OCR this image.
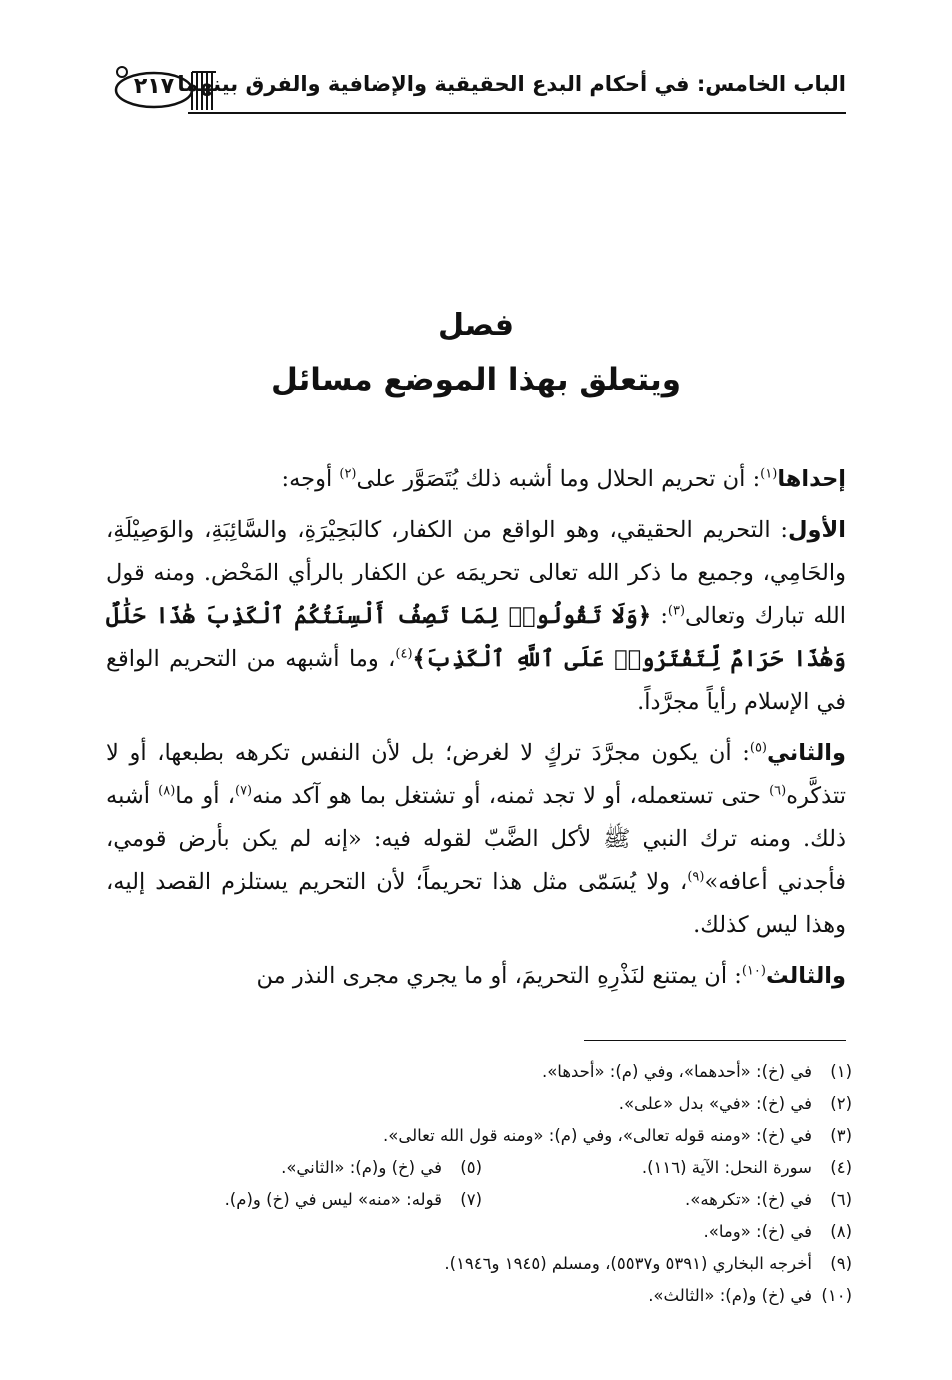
الباب الخامس: في أحكام البدع الحقيقية والإضافية والفرق بينهما
٢١٧
فصل
ويتعلق بهذا الموضع مسائل

إحداها$^{(١)}$: أن تحريم الحلال وما أشبه ذلك يُتَصَوَّر على$^{(٢)}$ أوجه:

الأول: التحريم الحقيقي، وهو الواقع من الكفار، كالبَحِيْرَةِ، والسَّائِبَةِ، والوَصِيْلَةِ، والحَامِي، وجميع ما ذكر الله تعالى تحريمَه عن الكفار بالرأي المَحْض. ومنه قول الله تبارك وتعالى$^{(٣)}$: ﴿وَلَا تَقُولُوا۟ لِمَا تَصِفُ أَلْسِنَتُكُمُ ٱلْكَذِبَ هَٰذَا حَلَٰلٌ وَهَٰذَا حَرَامٌ لِّتَفْتَرُوا۟ عَلَى ٱللَّهِ ٱلْكَذِبَ﴾$^{(٤)}$، وما أشبهه من التحريم الواقع في الإسلام رأياً مجرَّداً.

والثاني$^{(٥)}$: أن يكون مجرَّدَ تركٍ لا لغرض؛ بل لأن النفس تكرهه بطبعها، أو لا تتذكَّره$^{(٦)}$ حتى تستعمله، أو لا تجد ثمنه، أو تشتغل بما هو آكد منه$^{(٧)}$، أو ما$^{(٨)}$ أشبه ذلك. ومنه ترك النبي ﷺ لأكل الضَّبّ لقوله فيه: «إنه لم يكن بأرض قومي، فأجدني أعافه»$^{(٩)}$، ولا يُسَمّى مثل هذا تحريماً؛ لأن التحريم يستلزم القصد إليه، وهذا ليس كذلك.

والثالث$^{(١٠)}$: أن يمتنع لنَذْرِهِ التحريمَ، أو ما يجري مجرى النذر من

(١)في (خ): «أحدهما»، وفي (م): «أحدها».
(٢)في (خ): «في» بدل «على».
(٣)في (خ): «ومنه قوله تعالى»، وفي (م): «ومنه قول الله تعالى».
(٤)سورة النحل: الآية (١١٦).
(٥)في (خ) و(م): «الثاني».
(٦)في (خ): «تكرهه».
(٧)قوله: «منه» ليس في (خ) و(م).
(٨)في (خ): «وما».
(٩)أخرجه البخاري (٥٣٩١ و٥٥٣٧)، ومسلم (١٩٤٥ و١٩٤٦).
(١٠)في (خ) و(م): «الثالث».
